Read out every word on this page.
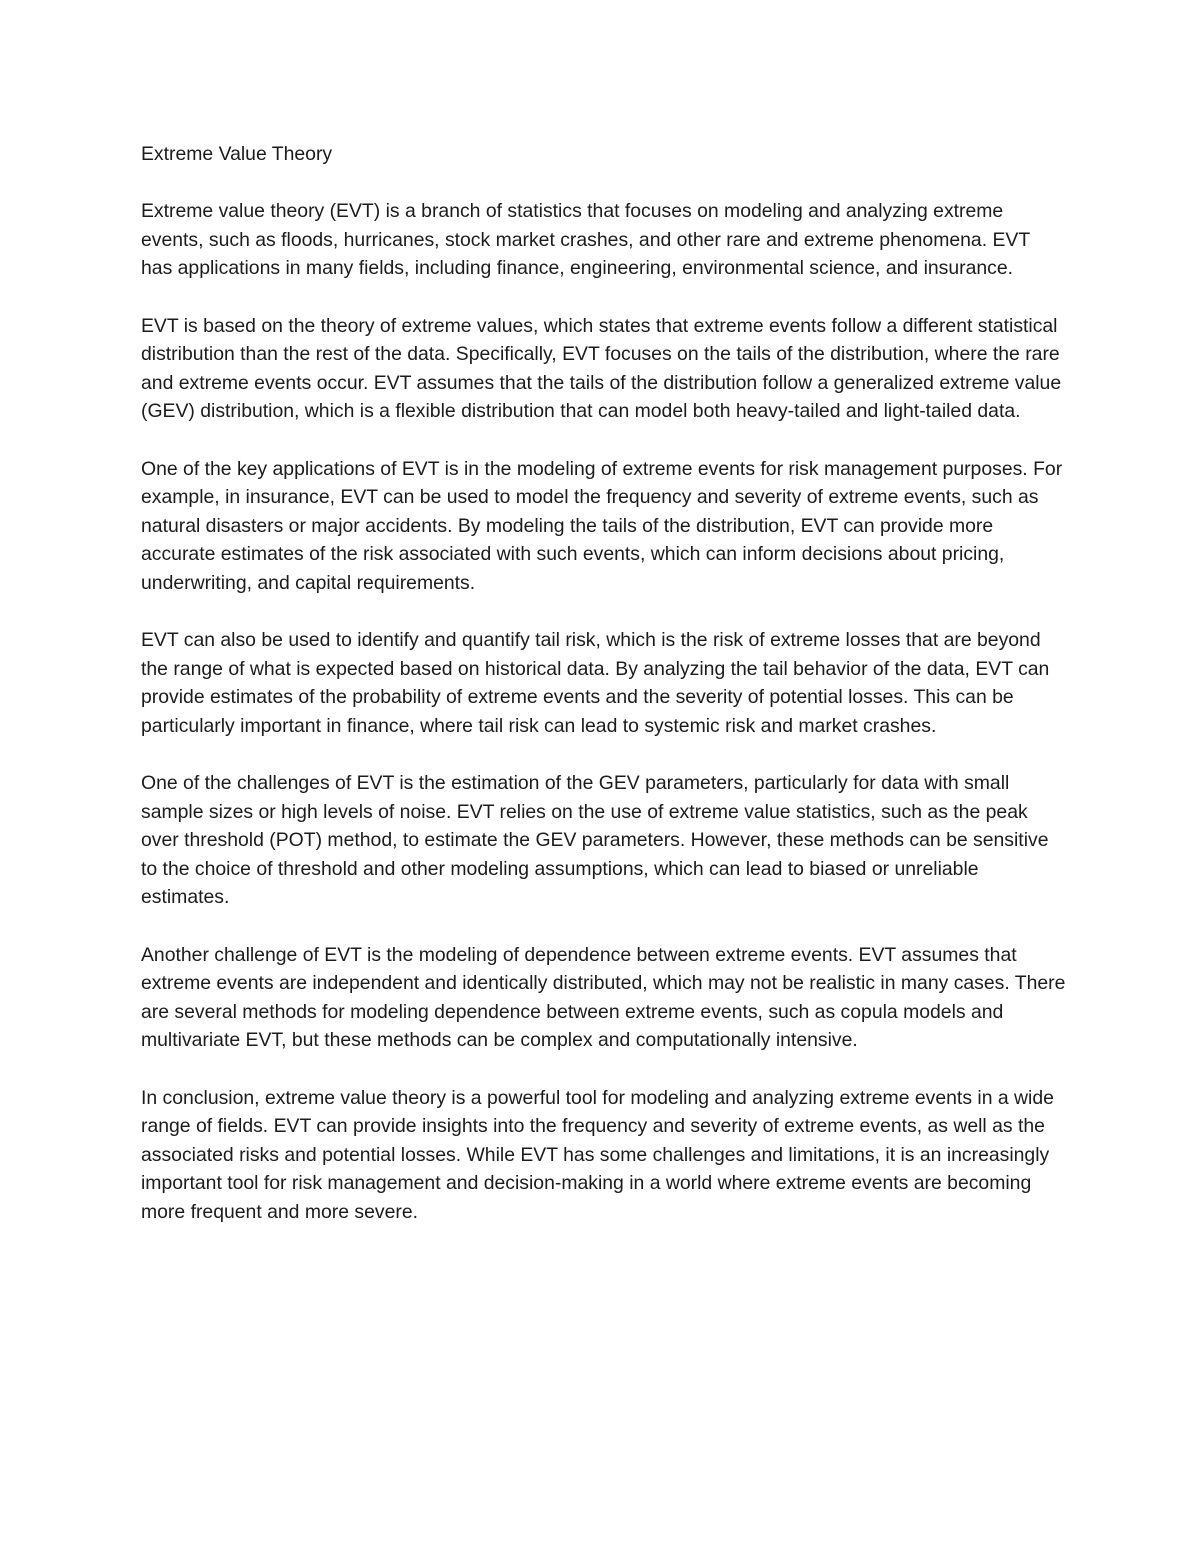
Extreme Value Theory

Extreme value theory (EVT) is a branch of statistics that focuses on modeling and analyzing extreme events, such as floods, hurricanes, stock market crashes, and other rare and extreme phenomena. EVT has applications in many fields, including finance, engineering, environmental science, and insurance.

EVT is based on the theory of extreme values, which states that extreme events follow a different statistical distribution than the rest of the data. Specifically, EVT focuses on the tails of the distribution, where the rare and extreme events occur. EVT assumes that the tails of the distribution follow a generalized extreme value (GEV) distribution, which is a flexible distribution that can model both heavy-tailed and light-tailed data.

One of the key applications of EVT is in the modeling of extreme events for risk management purposes. For example, in insurance, EVT can be used to model the frequency and severity of extreme events, such as natural disasters or major accidents. By modeling the tails of the distribution, EVT can provide more accurate estimates of the risk associated with such events, which can inform decisions about pricing, underwriting, and capital requirements.

EVT can also be used to identify and quantify tail risk, which is the risk of extreme losses that are beyond the range of what is expected based on historical data. By analyzing the tail behavior of the data, EVT can provide estimates of the probability of extreme events and the severity of potential losses. This can be particularly important in finance, where tail risk can lead to systemic risk and market crashes.

One of the challenges of EVT is the estimation of the GEV parameters, particularly for data with small sample sizes or high levels of noise. EVT relies on the use of extreme value statistics, such as the peak over threshold (POT) method, to estimate the GEV parameters. However, these methods can be sensitive to the choice of threshold and other modeling assumptions, which can lead to biased or unreliable estimates.

Another challenge of EVT is the modeling of dependence between extreme events. EVT assumes that extreme events are independent and identically distributed, which may not be realistic in many cases. There are several methods for modeling dependence between extreme events, such as copula models and multivariate EVT, but these methods can be complex and computationally intensive.

In conclusion, extreme value theory is a powerful tool for modeling and analyzing extreme events in a wide range of fields. EVT can provide insights into the frequency and severity of extreme events, as well as the associated risks and potential losses. While EVT has some challenges and limitations, it is an increasingly important tool for risk management and decision-making in a world where extreme events are becoming more frequent and more severe.
